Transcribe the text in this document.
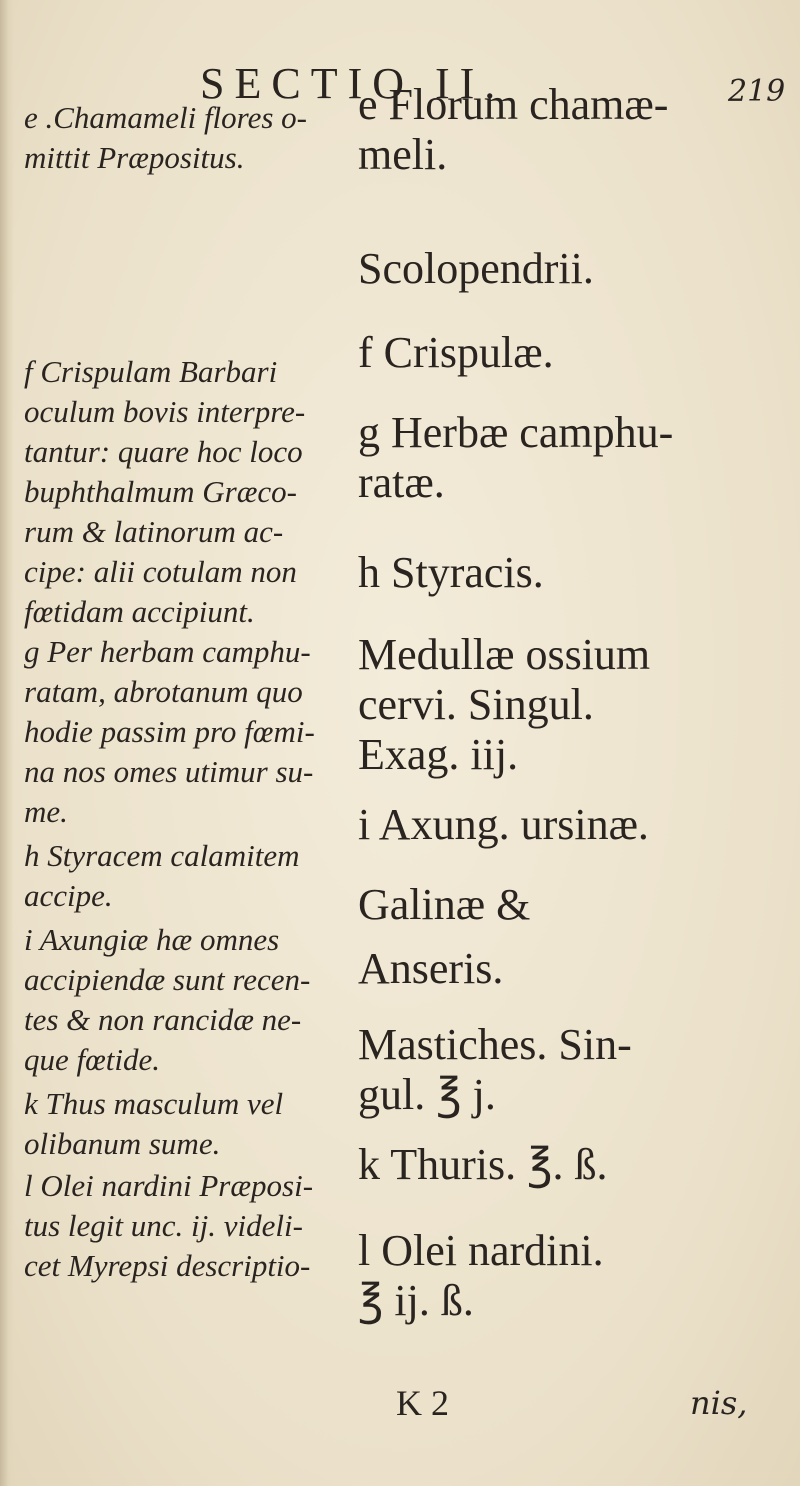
SECTIO II.	219

e .Chamameli flores o-
mittit Præpositus.
f Crispulam Barbari
oculum bovis interpre-
tantur: quare hoc loco
buphthalmum Græco-
rum & latinorum ac-
cipe: alii cotulam non
fœtidam accipiunt.
g Per herbam camphu-
ratam, abrotanum quo
hodie passim pro fœmi-
na nos omes utimur su-
me.
h Styracem calamitem
accipe.
i Axungiæ hæ omnes
accipiendæ sunt recen-
tes & non rancidæ ne-
que fœtide.
k Thus masculum vel
olibanum sume.
l Olei nardini Præposi-
tus legit unc. ij. videli-
cet Myrepsi descriptio-
e Florum chamæ-
meli.
Scolopendrii.
f Crispulæ.
g Herbæ camphu-
ratæ.
h Styracis.
Medullæ ossium
cervi. Singul.
Exag. iij.
i Axung. ursinæ.
Galinæ &
Anseris.
Mastiches. Sin-
gul. ℥ j.
k Thuris. ℥. ß.
l Olei nardini.
℥ ij. ß.
K 2	nis,
